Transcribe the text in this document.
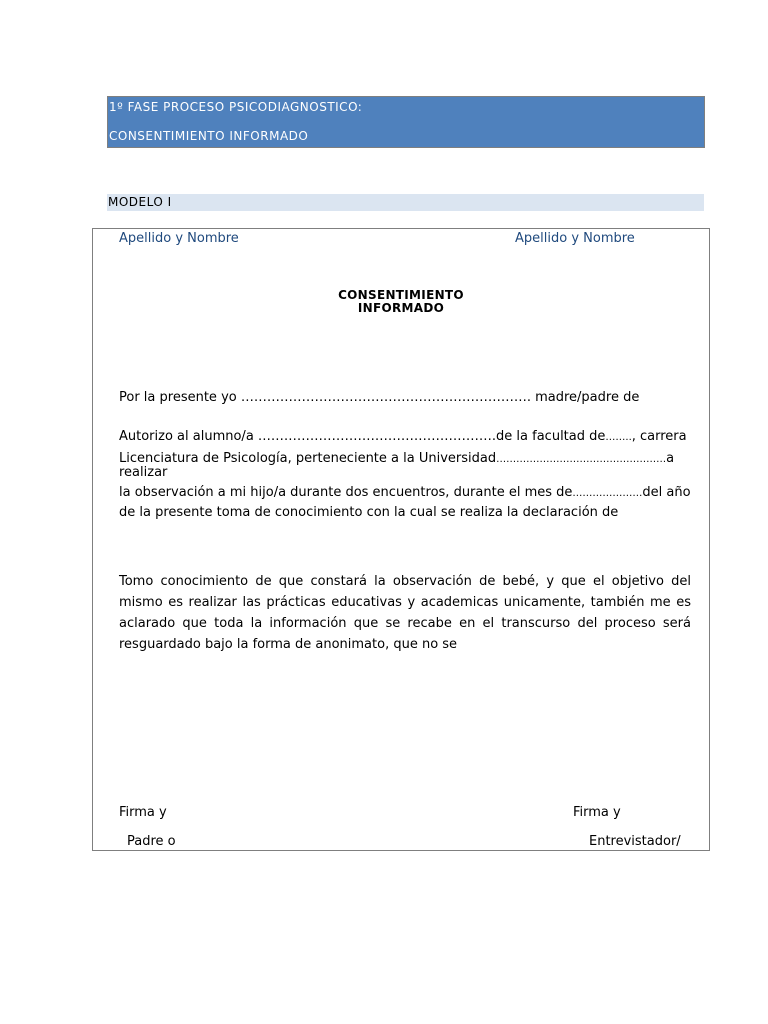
1º FASE PROCESO PSICODIAGNOSTICO:
CONSENTIMIENTO INFORMADO
MODELO I
Apellido y Nombre	Apellido y Nombre
CONSENTIMIENTO
INFORMADO
Por la presente yo …………………………………………………………. madre/padre de
Autorizo al alumno/a ……………………………………………….de la facultad de…….., carrera
Licenciatura de Psicología, perteneciente a la Universidad……………………………………………a
realizar
la observación a mi hijo/a durante dos encuentros, durante el mes de…………………del año
de la presente toma de conocimiento con la cual se realiza la declaración de
Tomo conocimiento de que constará la observación de bebé, y que el objetivo del mismo es realizar las prácticas educativas y academicas unicamente, también me es aclarado que toda la información que se recabe en el transcurso del proceso será resguardado bajo la forma de anonimato, que no se
Firma y
Padre o
Firma y
Entrevistador/
